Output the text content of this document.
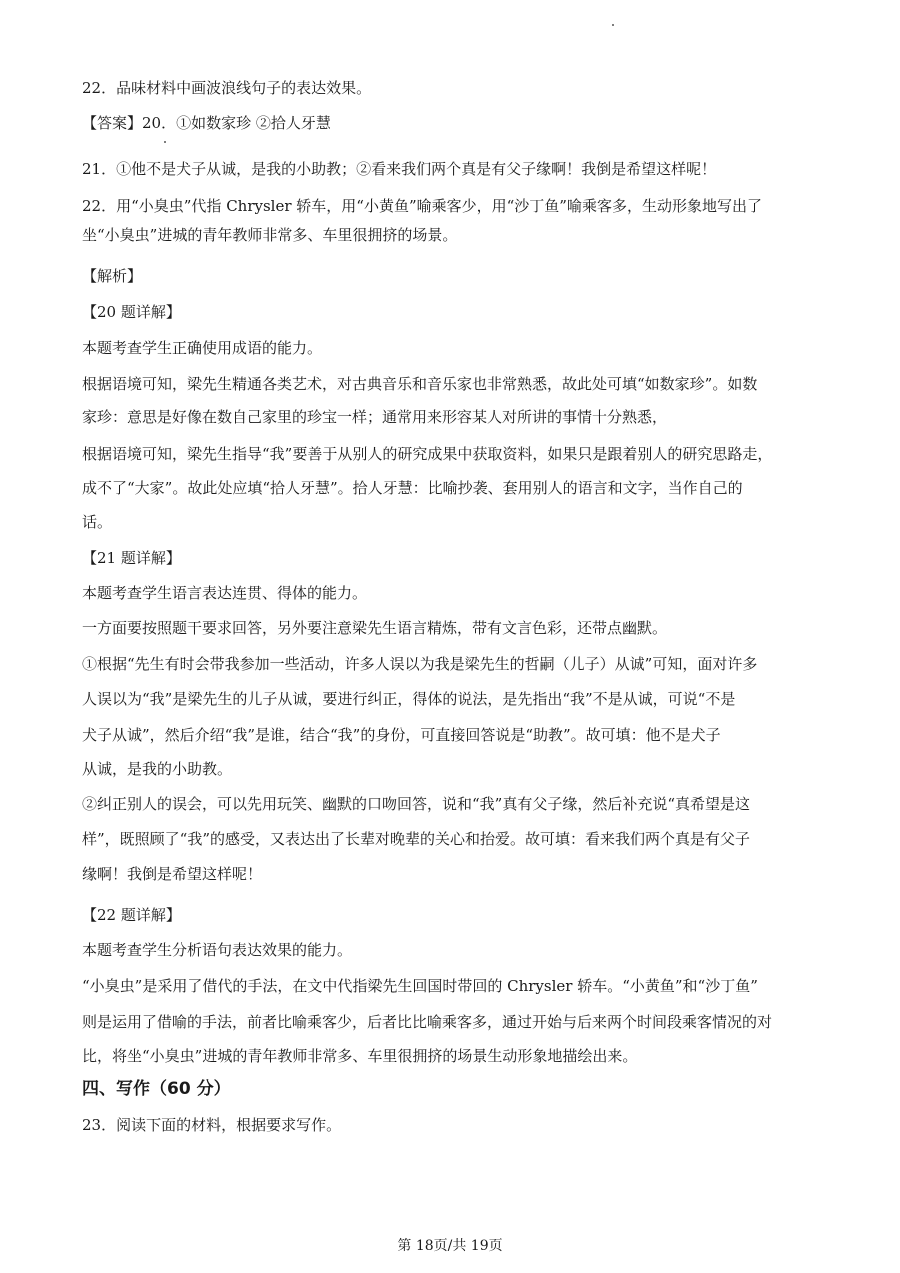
22．品味材料中画波浪线句子的表达效果。
【答案】20．①如数家珍 ②拾人牙慧
21．①他不是犬子从诚，是我的小助教；②看来我们两个真是有父子缘啊！我倒是希望这样呢！
22．用“小臭虫”代指 Chrysler 轿车，用“小黄鱼”喻乘客少，用“沙丁鱼”喻乘客多，生动形象地写出了
坐“小臭虫”进城的青年教师非常多、车里很拥挤的场景。
【解析】
【20 题详解】
本题考查学生正确使用成语的能力。
根据语境可知，梁先生精通各类艺术，对古典音乐和音乐家也非常熟悉，故此处可填“如数家珍”。如数
家珍：意思是好像在数自己家里的珍宝一样；通常用来形容某人对所讲的事情十分熟悉，
根据语境可知，梁先生指导“我”要善于从别人的研究成果中获取资料，如果只是跟着别人的研究思路走，
成不了“大家”。故此处应填“拾人牙慧”。拾人牙慧：比喻抄袭、套用别人的语言和文字，当作自己的
话。
【21 题详解】
本题考查学生语言表达连贯、得体的能力。
一方面要按照题干要求回答，另外要注意梁先生语言精炼，带有文言色彩，还带点幽默。
①根据“先生有时会带我参加一些活动，许多人误以为我是梁先生的哲嗣（儿子）从诚”可知，面对许多
人误以为“我”是梁先生的儿子从诚，要进行纠正，得体的说法，是先指出“我”不是从诚，可说“不是
犬子从诚”，然后介绍“我”是谁，结合“我”的身份，可直接回答说是“助教”。故可填：他不是犬子
从诚，是我的小助教。
②纠正别人的误会，可以先用玩笑、幽默的口吻回答，说和“我”真有父子缘，然后补充说“真希望是这
样”，既照顾了“我”的感受，又表达出了长辈对晚辈的关心和抬爱。故可填：看来我们两个真是有父子
缘啊！我倒是希望这样呢！
【22 题详解】
本题考查学生分析语句表达效果的能力。
“小臭虫”是采用了借代的手法，在文中代指梁先生回国时带回的 Chrysler 轿车。“小黄鱼”和“沙丁鱼”
则是运用了借喻的手法，前者比喻乘客少，后者比比喻乘客多，通过开始与后来两个时间段乘客情况的对
比，将坐“小臭虫”进城的青年教师非常多、车里很拥挤的场景生动形象地描绘出来。
四、写作（60 分）
23．阅读下面的材料，根据要求写作。
第 18页/共 19页
